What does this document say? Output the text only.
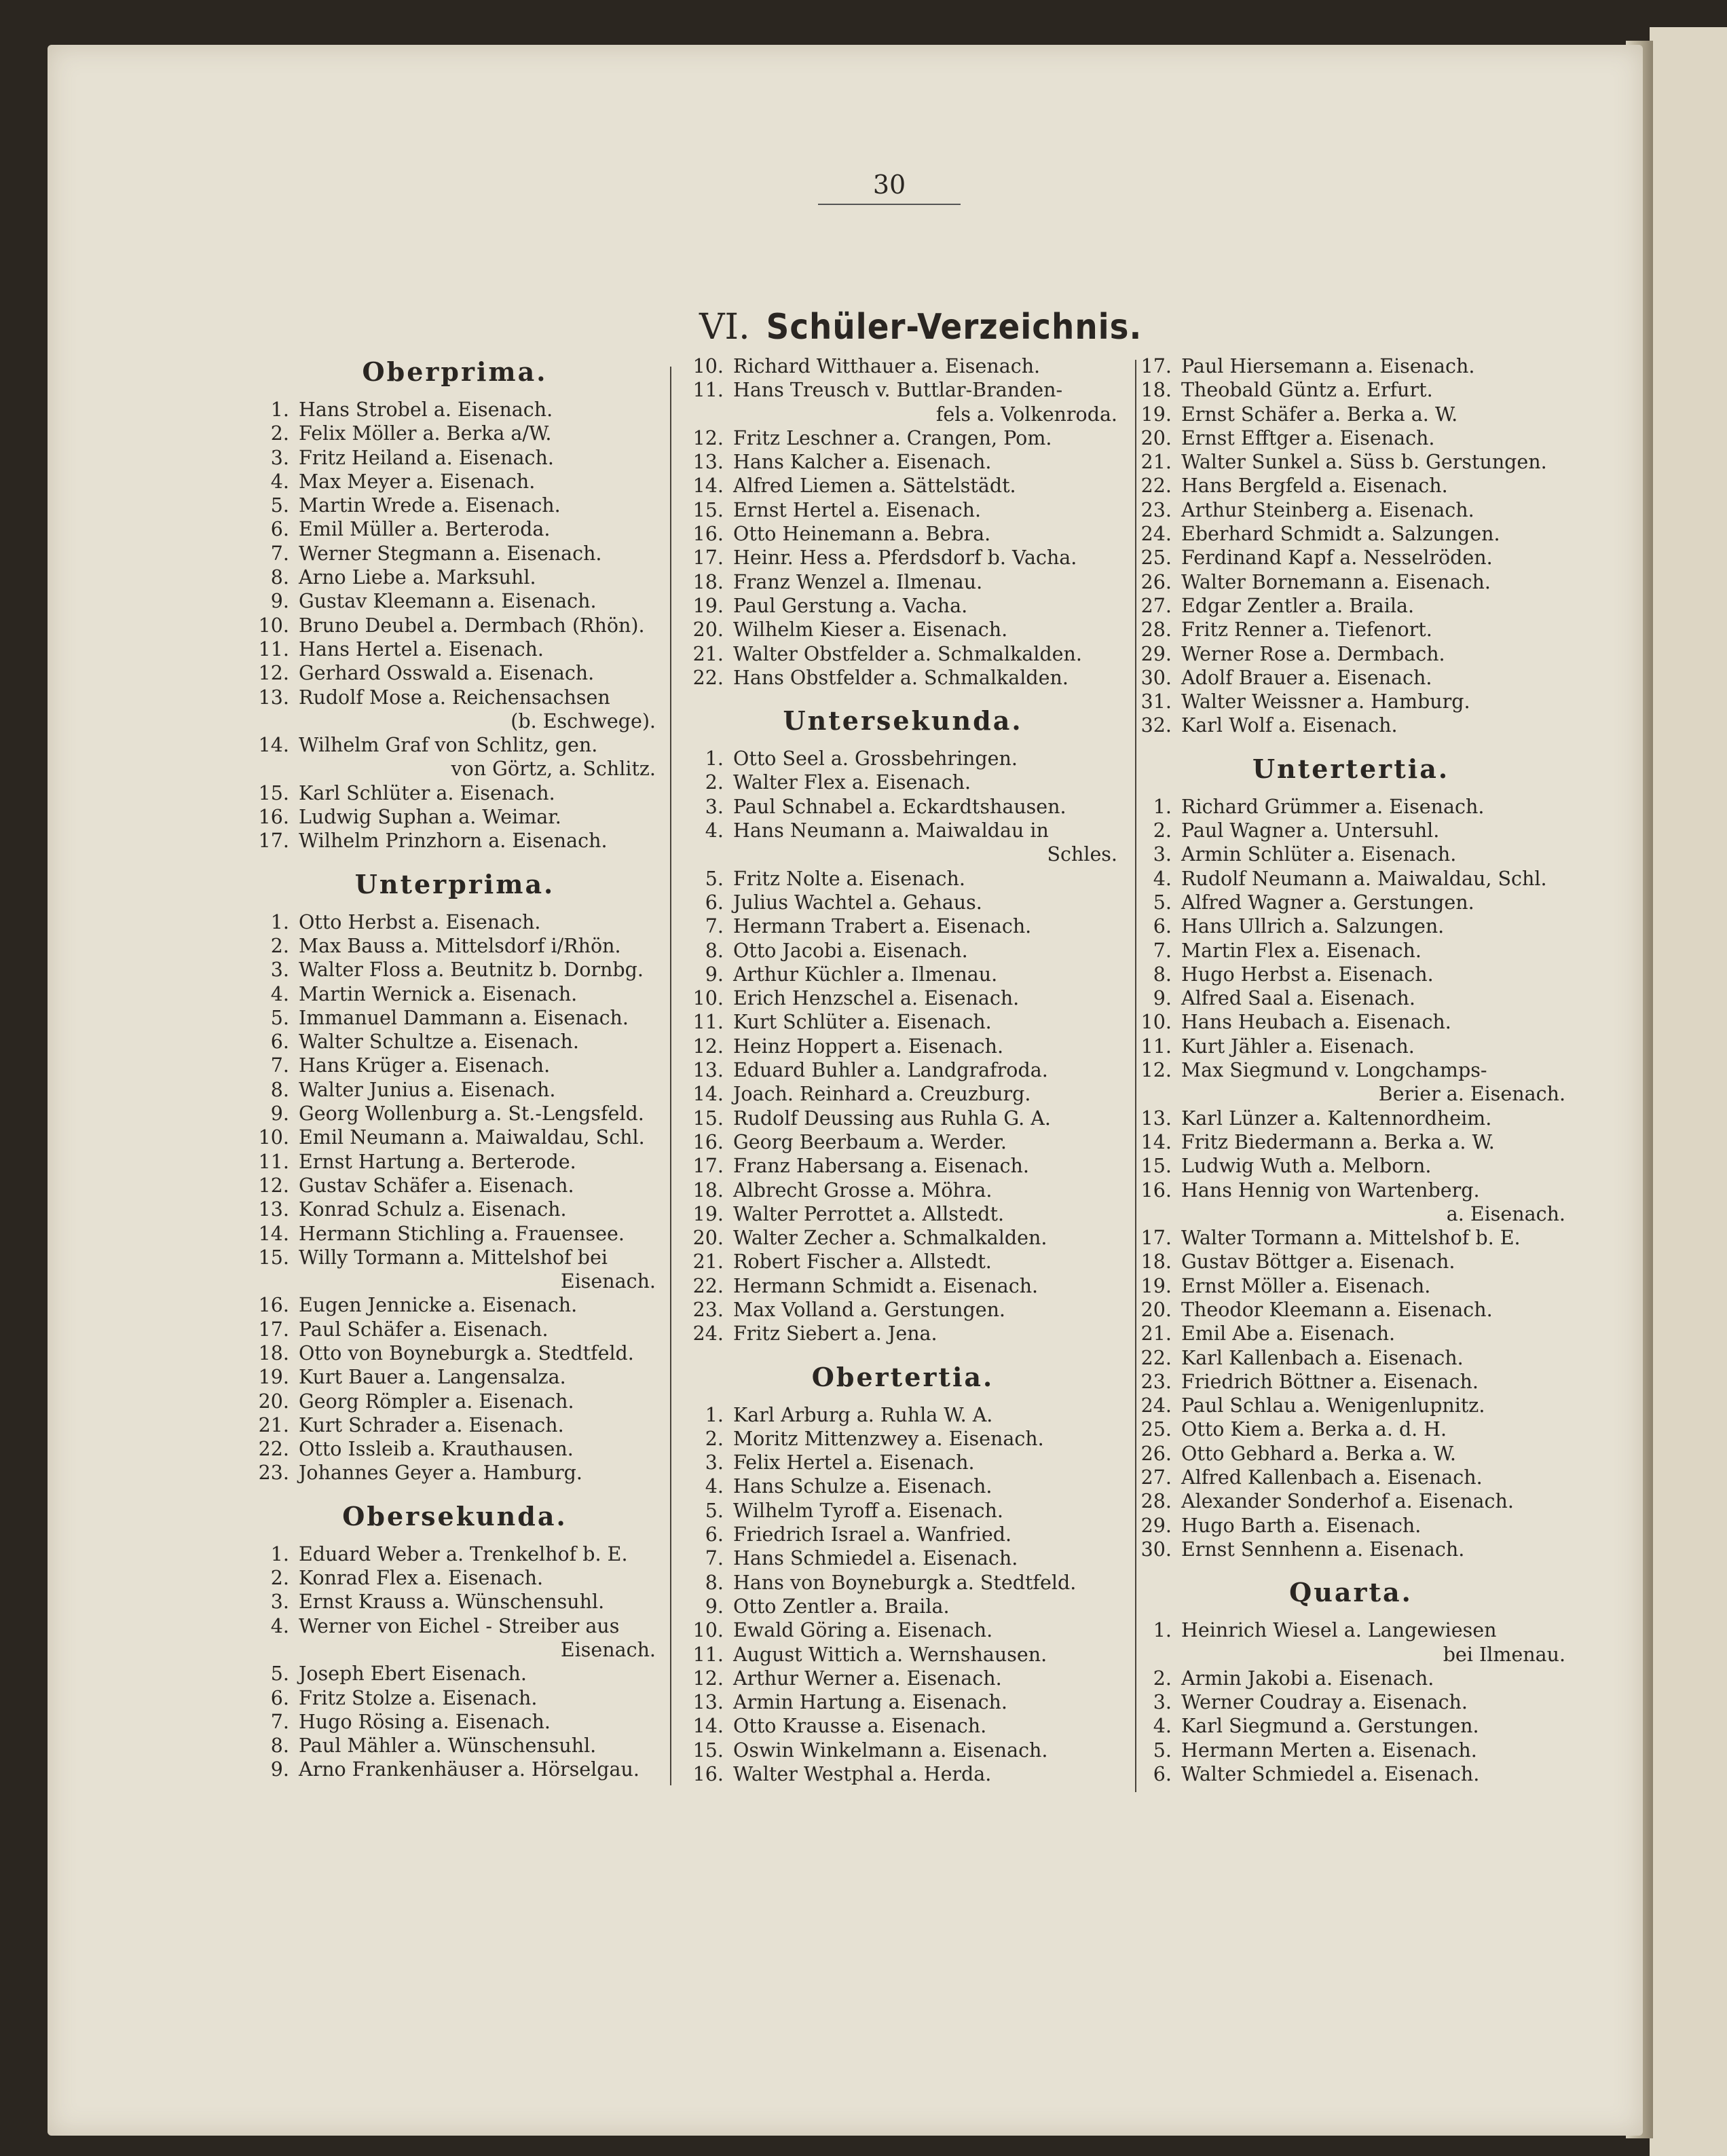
30
VI. Schüler-Verzeichnis.
Oberprima.
1. Hans Strobel a. Eisenach.
2. Felix Möller a. Berka a/W.
3. Fritz Heiland a. Eisenach.
4. Max Meyer a. Eisenach.
5. Martin Wrede a. Eisenach.
6. Emil Müller a. Berteroda.
7. Werner Stegmann a. Eisenach.
8. Arno Liebe a. Marksuhl.
9. Gustav Kleemann a. Eisenach.
10. Bruno Deubel a. Dermbach (Rhön).
11. Hans Hertel a. Eisenach.
12. Gerhard Osswald a. Eisenach.
13. Rudolf Mose a. Reichensachsen
(b. Eschwege).
14. Wilhelm Graf von Schlitz, gen.
von Görtz, a. Schlitz.
15. Karl Schlüter a. Eisenach.
16. Ludwig Suphan a. Weimar.
17. Wilhelm Prinzhorn a. Eisenach.
Unterprima.
1. Otto Herbst a. Eisenach.
2. Max Bauss a. Mittelsdorf i/Rhön.
3. Walter Floss a. Beutnitz b. Dornbg.
4. Martin Wernick a. Eisenach.
5. Immanuel Dammann a. Eisenach.
6. Walter Schultze a. Eisenach.
7. Hans Krüger a. Eisenach.
8. Walter Junius a. Eisenach.
9. Georg Wollenburg a. St.-Lengsfeld.
10. Emil Neumann a. Maiwaldau, Schl.
11. Ernst Hartung a. Berterode.
12. Gustav Schäfer a. Eisenach.
13. Konrad Schulz a. Eisenach.
14. Hermann Stichling a. Frauensee.
15. Willy Tormann a. Mittelshof bei
Eisenach.
16. Eugen Jennicke a. Eisenach.
17. Paul Schäfer a. Eisenach.
18. Otto von Boyneburgk a. Stedtfeld.
19. Kurt Bauer a. Langensalza.
20. Georg Römpler a. Eisenach.
21. Kurt Schrader a. Eisenach.
22. Otto Issleib a. Krauthausen.
23. Johannes Geyer a. Hamburg.
Obersekunda.
1. Eduard Weber a. Trenkelhof b. E.
2. Konrad Flex a. Eisenach.
3. Ernst Krauss a. Wünschensuhl.
4. Werner von Eichel - Streiber aus
Eisenach.
5. Joseph Ebert Eisenach.
6. Fritz Stolze a. Eisenach.
7. Hugo Rösing a. Eisenach.
8. Paul Mähler a. Wünschensuhl.
9. Arno Frankenhäuser a. Hörselgau.
10. Richard Witthauer a. Eisenach.
11. Hans Treusch v. Buttlar-Branden-
fels a. Volkenroda.
12. Fritz Leschner a. Crangen, Pom.
13. Hans Kalcher a. Eisenach.
14. Alfred Liemen a. Sättelstädt.
15. Ernst Hertel a. Eisenach.
16. Otto Heinemann a. Bebra.
17. Heinr. Hess a. Pferdsdorf b. Vacha.
18. Franz Wenzel a. Ilmenau.
19. Paul Gerstung a. Vacha.
20. Wilhelm Kieser a. Eisenach.
21. Walter Obstfelder a. Schmalkalden.
22. Hans Obstfelder a. Schmalkalden.
Untersekunda.
1. Otto Seel a. Grossbehringen.
2. Walter Flex a. Eisenach.
3. Paul Schnabel a. Eckardtshausen.
4. Hans Neumann a. Maiwaldau in
Schles.
5. Fritz Nolte a. Eisenach.
6. Julius Wachtel a. Gehaus.
7. Hermann Trabert a. Eisenach.
8. Otto Jacobi a. Eisenach.
9. Arthur Küchler a. Ilmenau.
10. Erich Henzschel a. Eisenach.
11. Kurt Schlüter a. Eisenach.
12. Heinz Hoppert a. Eisenach.
13. Eduard Buhler a. Landgrafroda.
14. Joach. Reinhard a. Creuzburg.
15. Rudolf Deussing aus Ruhla G. A.
16. Georg Beerbaum a. Werder.
17. Franz Habersang a. Eisenach.
18. Albrecht Grosse a. Möhra.
19. Walter Perrottet a. Allstedt.
20. Walter Zecher a. Schmalkalden.
21. Robert Fischer a. Allstedt.
22. Hermann Schmidt a. Eisenach.
23. Max Volland a. Gerstungen.
24. Fritz Siebert a. Jena.
Obertertia.
1. Karl Arburg a. Ruhla W. A.
2. Moritz Mittenzwey a. Eisenach.
3. Felix Hertel a. Eisenach.
4. Hans Schulze a. Eisenach.
5. Wilhelm Tyroff a. Eisenach.
6. Friedrich Israel a. Wanfried.
7. Hans Schmiedel a. Eisenach.
8. Hans von Boyneburgk a. Stedtfeld.
9. Otto Zentler a. Braila.
10. Ewald Göring a. Eisenach.
11. August Wittich a. Wernshausen.
12. Arthur Werner a. Eisenach.
13. Armin Hartung a. Eisenach.
14. Otto Krausse a. Eisenach.
15. Oswin Winkelmann a. Eisenach.
16. Walter Westphal a. Herda.
17. Paul Hiersemann a. Eisenach.
18. Theobald Güntz a. Erfurt.
19. Ernst Schäfer a. Berka a. W.
20. Ernst Efftger a. Eisenach.
21. Walter Sunkel a. Süss b. Gerstungen.
22. Hans Bergfeld a. Eisenach.
23. Arthur Steinberg a. Eisenach.
24. Eberhard Schmidt a. Salzungen.
25. Ferdinand Kapf a. Nesselröden.
26. Walter Bornemann a. Eisenach.
27. Edgar Zentler a. Braila.
28. Fritz Renner a. Tiefenort.
29. Werner Rose a. Dermbach.
30. Adolf Brauer a. Eisenach.
31. Walter Weissner a. Hamburg.
32. Karl Wolf a. Eisenach.
Untertertia.
1. Richard Grümmer a. Eisenach.
2. Paul Wagner a. Untersuhl.
3. Armin Schlüter a. Eisenach.
4. Rudolf Neumann a. Maiwaldau, Schl.
5. Alfred Wagner a. Gerstungen.
6. Hans Ullrich a. Salzungen.
7. Martin Flex a. Eisenach.
8. Hugo Herbst a. Eisenach.
9. Alfred Saal a. Eisenach.
10. Hans Heubach a. Eisenach.
11. Kurt Jähler a. Eisenach.
12. Max Siegmund v. Longchamps-
Berier a. Eisenach.
13. Karl Lünzer a. Kaltennordheim.
14. Fritz Biedermann a. Berka a. W.
15. Ludwig Wuth a. Melborn.
16. Hans Hennig von Wartenberg.
a. Eisenach.
17. Walter Tormann a. Mittelshof b. E.
18. Gustav Böttger a. Eisenach.
19. Ernst Möller a. Eisenach.
20. Theodor Kleemann a. Eisenach.
21. Emil Abe a. Eisenach.
22. Karl Kallenbach a. Eisenach.
23. Friedrich Böttner a. Eisenach.
24. Paul Schlau a. Wenigenlupnitz.
25. Otto Kiem a. Berka a. d. H.
26. Otto Gebhard a. Berka a. W.
27. Alfred Kallenbach a. Eisenach.
28. Alexander Sonderhof a. Eisenach.
29. Hugo Barth a. Eisenach.
30. Ernst Sennhenn a. Eisenach.
Quarta.
1. Heinrich Wiesel a. Langewiesen
bei Ilmenau.
2. Armin Jakobi a. Eisenach.
3. Werner Coudray a. Eisenach.
4. Karl Siegmund a. Gerstungen.
5. Hermann Merten a. Eisenach.
6. Walter Schmiedel a. Eisenach.
